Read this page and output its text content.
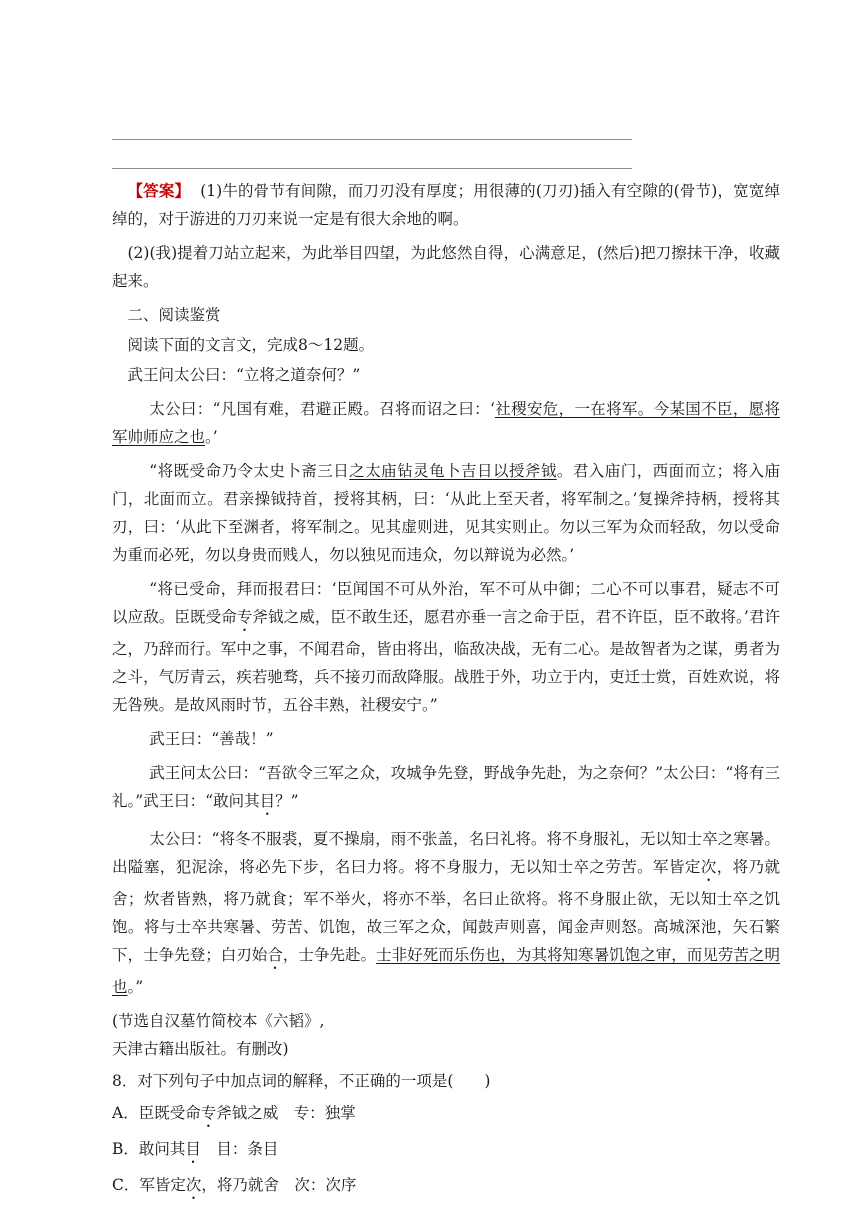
【答案】 (1)牛的骨节有间隙，而刀刃没有厚度；用很薄的(刀刃)插入有空隙的(骨节)，宽宽绰绰的，对于游进的刀刃来说一定是有很大余地的啊。

(2)(我)提着刀站立起来，为此举目四望，为此悠然自得，心满意足，(然后)把刀擦抹干净，收藏起来。

二、阅读鉴赏

阅读下面的文言文，完成8～12题。

武王问太公曰：“立将之道奈何？”

太公曰：“凡国有难，君避正殿。召将而诏之曰：‘社稷安危，一在将军。今某国不臣，愿将军帅师应之也。’

“将既受命乃令太史卜斋三日之太庙钻灵龟卜吉日以授斧钺。君入庙门，西面而立；将入庙门，北面而立。君亲操钺持首，授将其柄，曰：‘从此上至天者，将军制之。’复操斧持柄，授将其刃，曰：‘从此下至渊者，将军制之。见其虚则进，见其实则止。勿以三军为众而轻敌，勿以受命为重而必死，勿以身贵而贱人，勿以独见而违众，勿以辩说为必然。’

“将已受命，拜而报君曰：‘臣闻国不可从外治，军不可从中御；二心不可以事君，疑志不可以应敌。臣既受命专斧钺之威，臣不敢生还，愿君亦垂一言之命于臣，君不许臣，臣不敢将。’君许之，乃辞而行。军中之事，不闻君命，皆由将出，临敌决战，无有二心。是故智者为之谋，勇者为之斗，气厉青云，疾若驰骛，兵不接刃而敌降服。战胜于外，功立于内，吏迁士赏，百姓欢说，将无咎殃。是故风雨时节，五谷丰熟，社稷安宁。”

武王曰：“善哉！”

武王问太公曰：“吾欲令三军之众，攻城争先登，野战争先赴，为之奈何？”太公曰：“将有三礼。”武王曰：“敢问其目？”

太公曰：“将冬不服裘，夏不操扇，雨不张盖，名曰礼将。将不身服礼，无以知士卒之寒暑。出隘塞，犯泥涂，将必先下步，名曰力将。将不身服力，无以知士卒之劳苦。军皆定次，将乃就舍；炊者皆熟，将乃就食；军不举火，将亦不举，名曰止欲将。将不身服止欲，无以知士卒之饥饱。将与士卒共寒暑、劳苦、饥饱，故三军之众，闻鼓声则喜，闻金声则怒。高城深池，矢石繁下，士争先登；白刃始合，士争先赴。士非好死而乐伤也，为其将知寒暑饥饱之审，而见劳苦之明也。”

(节选自汉墓竹简校本《六韬》,

天津古籍出版社。有删改)

8．对下列句子中加点词的解释，不正确的一项是(　　)

A．臣既受命专斧钺之威　专：独掌

B．敢问其目　目：条目

C．军皆定次，将乃就舍　次：次序
